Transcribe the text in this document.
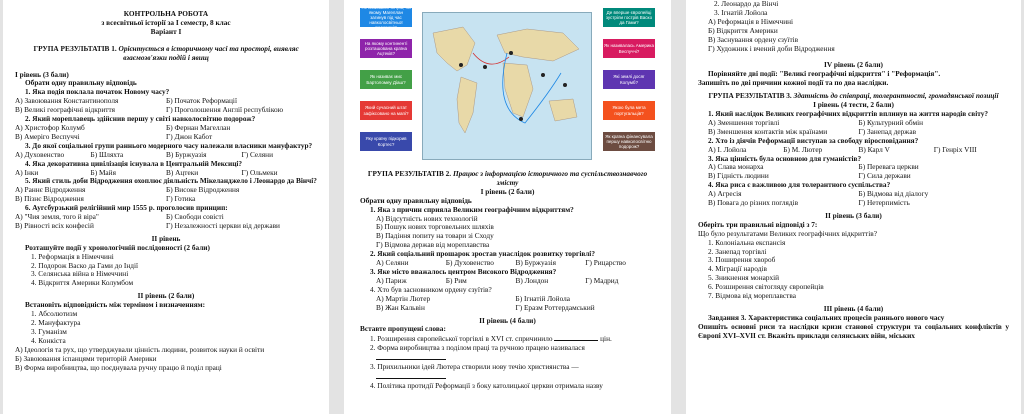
КОНТРОЛЬНА РОБОТА
з всесвітньої історії за І семестр, 8 клас
Варіант І
ГРУПА РЕЗУЛЬТАТІВ 1. Орієнтується в історичному часі та просторі, виявляє взаємозв'язки подій і явищ
І рівень (3 бали)
Обрати одну правильну відповідь
1. Яка подія поклала початок Новому часу?
А) Завоювання Константинополя	Б) Початок Реформації
В) Великі географічні відкриття	Г) Проголошення Англії республікою
2. Який мореплавець здійснив першу у світі навколосвітню подорож?
А) Христофор Колумб	Б) Фернан Магеллан
В) Амеріго Веспуччі	Г) Джон Кабот
3. До якої соціальної групи раннього модерного часу належали власники мануфактур?
А) Духовенство	Б) Шляхта	В) Буржуазія	Г) Селяни
4. Яка декоративна цивілізація існувала в Центральній Мексиці?
А) Інки	Б) Майя	В) Ацтеки	Г) Ольмеки
5. Який стиль доби Відродження охоплює діяльність Мікеланджело і Леонардо да Вінчі?
А) Раннє Відродження	Б) Високе Відродження
В) Пізнє Відродження	Г) Готика
6. Аугсбурзький релігійний мир 1555 р. проголосив принцип:
А) "Чия земля, того й віра"	Б) Свободи совісті
В) Рівності всіх конфесій	Г) Незалежності церкви від держави
ІІ рівень
Розташуйте події у хронологічній послідовності (2 бали)
1. Реформація в Німеччині
2. Подорож Васко да Гами до Індії
3. Селянська війна в Німеччині
4. Відкриття Америки Колумбом
ІІ рівень (2 бали)
Встановіть відповідність між терміном і визначенням:
1. Абсолютизм
2. Мануфактура
3. Гуманізм
4. Конкіста
А) Ідеологія та рух, що утверджували цінність людини, розвиток науки й освіти
Б) Завоювання іспанцями територій Америки
В) Форма виробництва, що поєднувала ручну працю й поділ праці
Як називався острів, на якому Магеллан загинув під час навколосвітньої подорожі?
На якому континенті розташована країна Ацтеків?
Як називає мис Бартоломеу Діаш?
Який сучасний штат зафіксовано на мапі?
Яку країну підкорив Кортес?
Де вперше європейці зустріли гострів Васко да Гами?
Як називалась Америка Веспуччі?
Які землі досяг Колумб?
Якою була мета португальців?
Як країна фінансувала першу навколосвітню подорож?
ГРУПА РЕЗУЛЬТАТІВ 2. Працює з інформацією історичного та суспільствознавчого змісту
І рівень (2 бали)
Обрати одну правильну відповідь
1. Яка з причин сприяла Великим географічним відкриттям?
А) Відсутність нових технологій
Б) Пошук нових торговельних шляхів
В) Падіння попиту на товари зі Сходу
Г) Відмова держав від мореплавства
2. Який соціальний прошарок зростав унаслідок розвитку торгівлі?
А) Селяни	Б) Духовенство	В) Буржуазія	Г) Рицарство
3. Яке місто вважалось центром Високого Відродження?
А) Париж	Б) Рим	В) Лондон	Г) Мадрид
4. Хто був засновником ордену єзуїтів?
А) Мартін Лютер	Б) Ігнатій Лойола
В) Жан Кальвін	Г) Еразм Роттердамський
ІІ рівень (4 бали)
Вставте пропущені слова:
1. Розширення європейської торгівлі в XVI ст. спричинило	цін.
2. Форма виробництва з поділом праці та ручною працею називалася
3. Прихильники ідей Лютера створили нову течію християнства —
4. Політика протидії Реформації з боку католицької церкви отримала назву
2. Леонардо да Вінчі
3. Ігнатій Лойола
А) Реформація в Німеччині
Б) Відкриття Америки
В) Заснування ордену єзуїтів
Г) Художник і вчений доби Відродження
IV рівень (2 бали)
Порівняйте дві події: "Великі географічні відкриття" і "Реформація".
Запишіть по дві причини кожної події та по два наслідки.
ГРУПА РЕЗУЛЬТАТІВ 3. Здатність до співпраці, толерантності, громадянської позиції
І рівень (4 тести, 2 бали)
1. Який наслідок Великих географічних відкриттів вплинув на життя народів світу?
А) Зменшення торгівлі	Б) Культурний обмін
В) Зменшення контактів між країнами	Г) Занепад держав
2. Хто із діячів Реформації виступав за свободу віросповідання?
А) І. Лойола	Б) М. Лютер	В) Карл V	Г) Генріх VIII
3. Яка цінність була основною для гуманістів?
А) Слава монарха	Б) Перевага церкви
В) Гідність людини	Г) Сила держави
4. Яка риса є важливою для толерантного суспільства?
А) Агресія	Б) Відмова від діалогу
В) Повага до різних поглядів	Г) Нетерпимість
ІІ рівень (3 бали)
Оберіть три правильні відповіді з 7:
Що було результатами Великих географічних відкриттів?
1. Колоніальна експансія
2. Занепад торгівлі
3. Поширення хвороб
4. Міграції народів
5. Зникнення монархій
6. Розширення світогляду європейців
7. Відмова від мореплавства
ІІІ рівень (4 бали)
Завдання 3. Характеристика соціальних процесів раннього нового часу
Опишіть основні риси та наслідки кризи станової структури та соціальних конфліктів у Європі XVI–XVII ст. Вкажіть приклади селянських війн, міських
